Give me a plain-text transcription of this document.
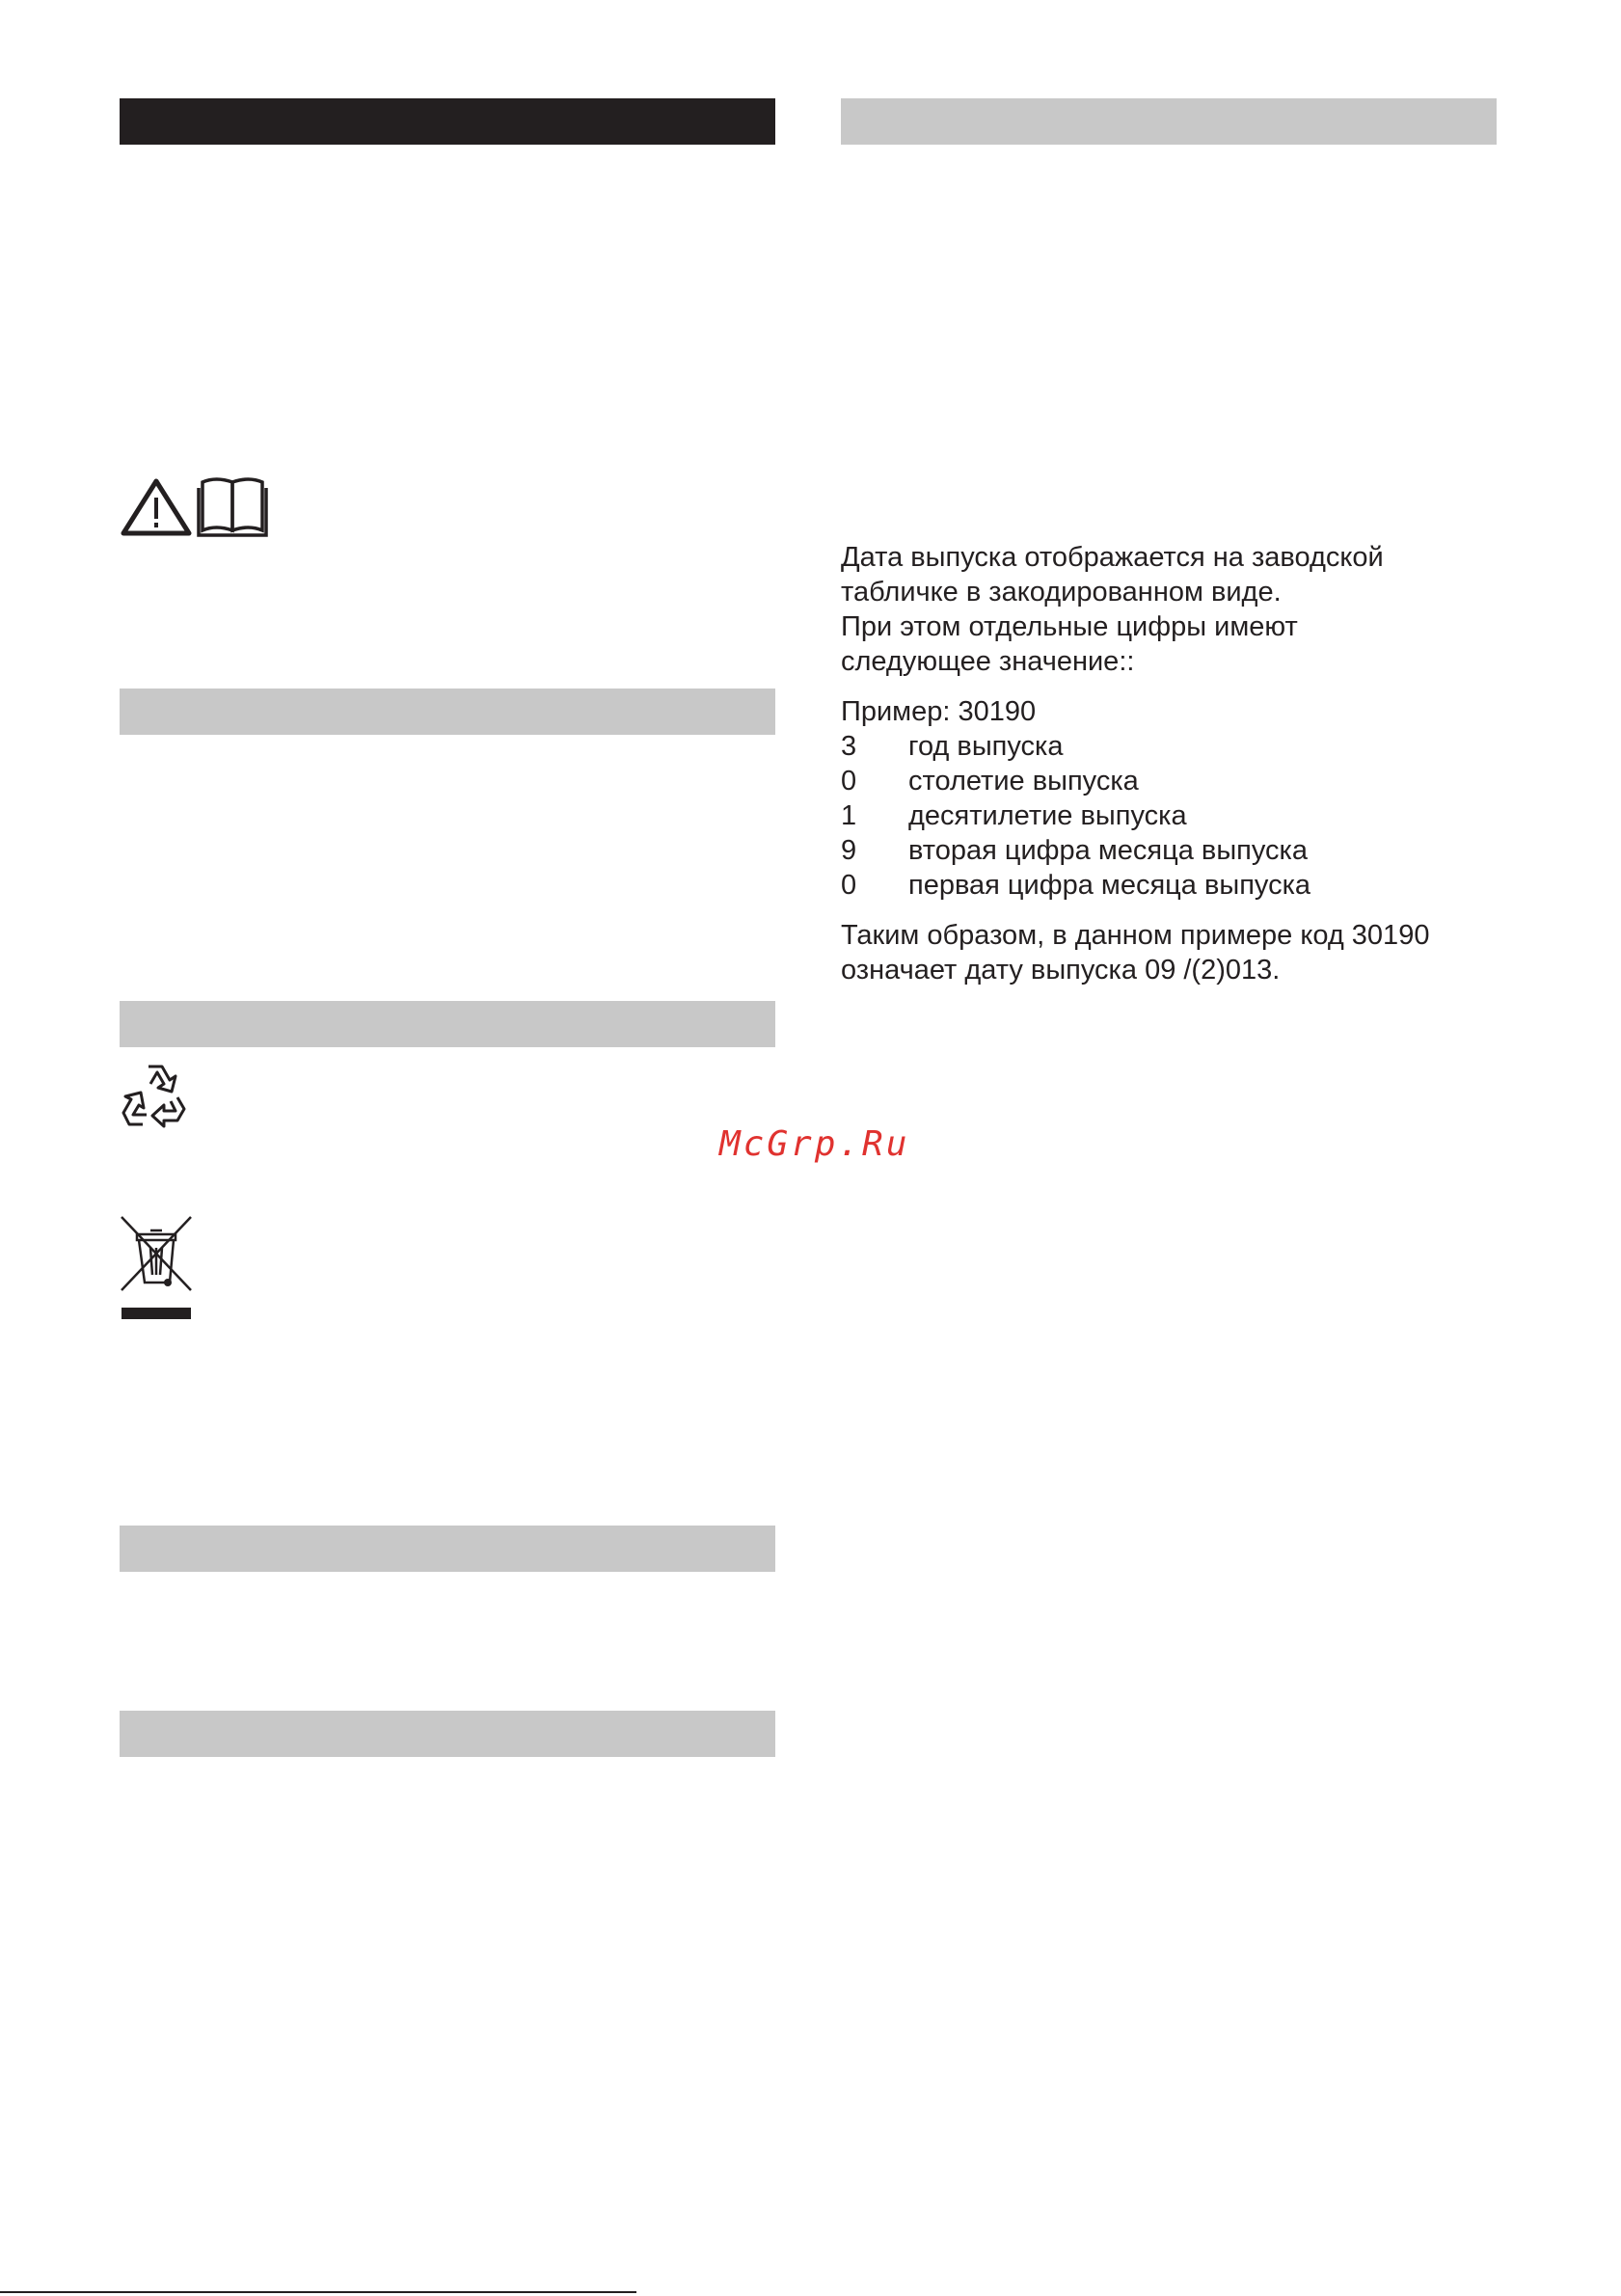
Дата выпуска отображается на заводской

табличке в закодированном виде.

При этом отдельные цифры имеют

следующее значение::

Пример: 30190

3	год выпуска
0	столетие выпуска
1	десятилетие выпуска
9	вторая цифра месяца выпуска
0	первая цифра месяца выпуска

Таким образом, в данном примере код 30190

означает дату выпуска 09 /(2)013.

McGrp.Ru
